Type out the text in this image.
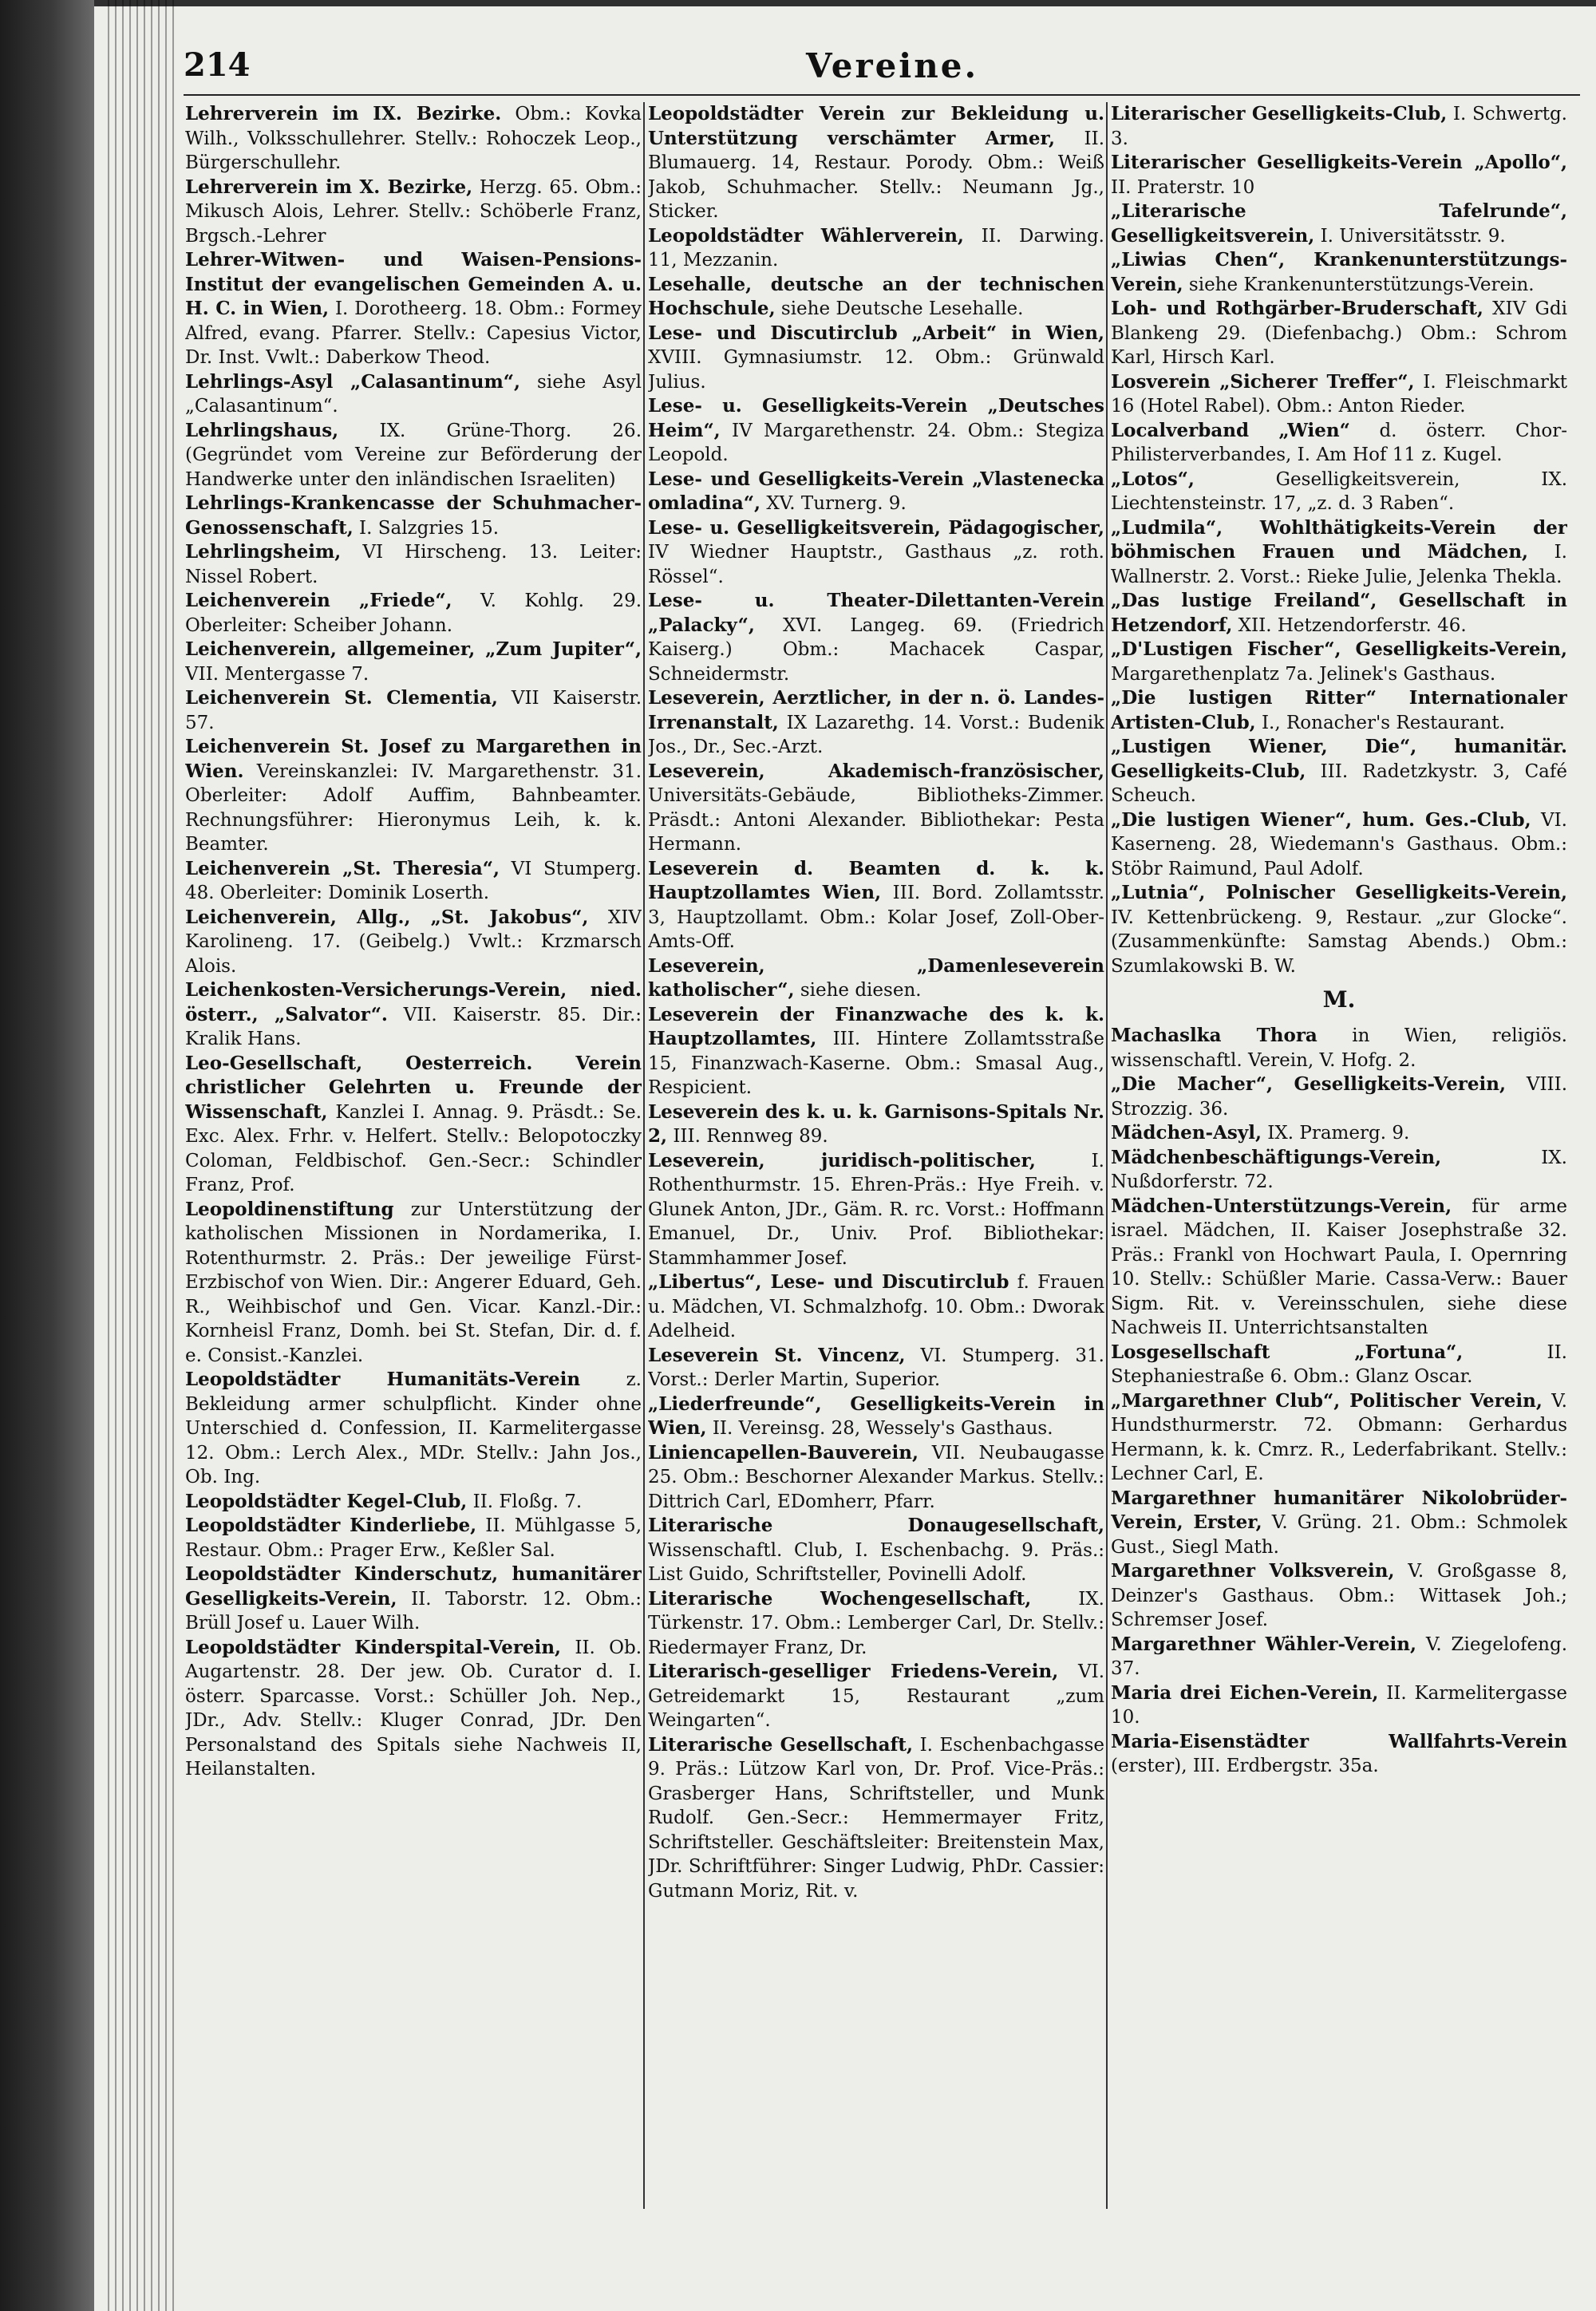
214	Vereine.

Lehrerverein im IX. Bezirke. Obm.: Kovka Wilh., Volksschullehrer. Stellv.: Rohoczek Leop., Bürgerschullehr.

Lehrerverein im X. Bezirke, Herzg. 65. Obm.: Mikusch Alois, Lehrer. Stellv.: Schöberle Franz, Brgsch.-Lehrer

Lehrer-Witwen- und Waisen-Pensions-Institut der evangelischen Gemeinden A. u. H. C. in Wien, I. Dorotheerg. 18. Obm.: Formey Alfred, evang. Pfarrer. Stellv.: Capesius Victor, Dr. Inst. Vwlt.: Daberkow Theod.

Lehrlings-Asyl „Calasantinum“, siehe Asyl „Calasantinum“.

Lehrlingshaus, IX. Grüne-Thorg. 26. (Gegründet vom Vereine zur Beförderung der Handwerke unter den inländischen Israeliten)

Lehrlings-Krankencasse der Schuhmacher-Genossenschaft, I. Salzgries 15.

Lehrlingsheim, VI Hirscheng. 13. Leiter: Nissel Robert.

Leichenverein „Friede“, V. Kohlg. 29. Oberleiter: Scheiber Johann.

Leichenverein, allgemeiner, „Zum Jupiter“, VII. Mentergasse 7.

Leichenverein St. Clementia, VII Kaiserstr. 57.

Leichenverein St. Josef zu Margarethen in Wien. Vereinskanzlei: IV. Margarethenstr. 31. Oberleiter: Adolf Auffim, Bahnbeamter. Rechnungsführer: Hieronymus Leih, k. k. Beamter.

Leichenverein „St. Theresia“, VI Stumperg. 48. Oberleiter: Dominik Loserth.

Leichenverein, Allg., „St. Jakobus“, XIV Karolineng. 17. (Geibelg.) Vwlt.: Krzmarsch Alois.

Leichenkosten-Versicherungs-Verein, nied. österr., „Salvator“. VII. Kaiserstr. 85. Dir.: Kralik Hans.

Leo-Gesellschaft, Oesterreich. Verein christlicher Gelehrten u. Freunde der Wissenschaft, Kanzlei I. Annag. 9. Präsdt.: Se. Exc. Alex. Frhr. v. Helfert. Stellv.: Belopotoczky Coloman, Feldbischof. Gen.-Secr.: Schindler Franz, Prof.

Leopoldinenstiftung zur Unterstützung der katholischen Missionen in Nordamerika, I. Rotenthurmstr. 2. Präs.: Der jeweilige Fürst-Erzbischof von Wien. Dir.: Angerer Eduard, Geh. R., Weihbischof und Gen. Vicar. Kanzl.-Dir.: Kornheisl Franz, Domh. bei St. Stefan, Dir. d. f. e. Consist.-Kanzlei.

Leopoldstädter Humanitäts-Verein z. Bekleidung armer schulpflicht. Kinder ohne Unterschied d. Confession, II. Karmelitergasse 12. Obm.: Lerch Alex., MDr. Stellv.: Jahn Jos., Ob. Ing.

Leopoldstädter Kegel-Club, II. Floßg. 7.

Leopoldstädter Kinderliebe, II. Mühlgasse 5, Restaur. Obm.: Prager Erw., Keßler Sal.

Leopoldstädter Kinderschutz, humanitärer Geselligkeits-Verein, II. Taborstr. 12. Obm.: Brüll Josef u. Lauer Wilh.

Leopoldstädter Kinderspital-Verein, II. Ob. Augartenstr. 28. Der jew. Ob. Curator d. I. österr. Sparcasse. Vorst.: Schüller Joh. Nep., JDr., Adv. Stellv.: Kluger Conrad, JDr. Den Personalstand des Spitals siehe Nachweis II, Heilanstalten.

Leopoldstädter Verein zur Bekleidung u. Unterstützung verschämter Armer, II. Blumauerg. 14, Restaur. Porody. Obm.: Weiß Jakob, Schuhmacher. Stellv.: Neumann Jg., Sticker.

Leopoldstädter Wählerverein, II. Darwing. 11, Mezzanin.

Lesehalle, deutsche an der technischen Hochschule, siehe Deutsche Lesehalle.

Lese- und Discutirclub „Arbeit“ in Wien, XVIII. Gymnasiumstr. 12. Obm.: Grünwald Julius.

Lese- u. Geselligkeits-Verein „Deutsches Heim“, IV Margarethenstr. 24. Obm.: Stegiza Leopold.

Lese- und Geselligkeits-Verein „Vlastenecka omladina“, XV. Turnerg. 9.

Lese- u. Geselligkeitsverein, Pädagogischer, IV Wiedner Hauptstr., Gasthaus „z. roth. Rössel“.

Lese- u. Theater-Dilettanten-Verein „Palacky“, XVI. Langeg. 69. (Friedrich Kaiserg.) Obm.: Machacek Caspar, Schneidermstr.

Leseverein, Aerztlicher, in der n. ö. Landes-Irrenanstalt, IX Lazarethg. 14. Vorst.: Budenik Jos., Dr., Sec.-Arzt.

Leseverein, Akademisch-französischer, Universitäts-Gebäude, Bibliotheks-Zimmer. Präsdt.: Antoni Alexander. Bibliothekar: Pesta Hermann.

Leseverein d. Beamten d. k. k. Hauptzollamtes Wien, III. Bord. Zollamtsstr. 3, Hauptzollamt. Obm.: Kolar Josef, Zoll-Ober-Amts-Off.

Leseverein, „Damenleseverein katholischer“, siehe diesen.

Leseverein der Finanzwache des k. k. Hauptzollamtes, III. Hintere Zollamtsstraße 15, Finanzwach-Kaserne. Obm.: Smasal Aug., Respicient.

Leseverein des k. u. k. Garnisons-Spitals Nr. 2, III. Rennweg 89.

Leseverein, juridisch-politischer,	I. Rothenthurmstr. 15. Ehren-Präs.: Hye Freih. v. Glunek Anton, JDr., Gäm. R. rc. Vorst.: Hoffmann Emanuel, Dr., Univ. Prof. Bibliothekar: Stammhammer Josef.

„Libertus“, Lese- und Discutirclub f. Frauen u. Mädchen, VI. Schmalzhofg. 10. Obm.: Dworak Adelheid.

Leseverein St. Vincenz, VI. Stumperg. 31. Vorst.: Derler Martin, Superior.

„Liederfreunde“, Geselligkeits-Verein in Wien, II. Vereinsg. 28, Wessely's Gasthaus.

Liniencapellen-Bauverein, VII. Neubaugasse 25. Obm.: Beschorner Alexander Markus. Stellv.: Dittrich Carl, EDomherr, Pfarr.

Literarische Donaugesellschaft, Wissenschaftl. Club, I. Eschenbachg. 9. Präs.: List Guido, Schriftsteller, Povinelli Adolf.

Literarische Wochengesellschaft,	IX. Türkenstr. 17. Obm.: Lemberger Carl, Dr. Stellv.: Riedermayer Franz, Dr.

Literarisch-geselliger Friedens-Verein, VI. Getreidemarkt 15, Restaurant „zum Weingarten“.

Literarische Gesellschaft, I. Eschenbachgasse 9. Präs.: Lützow Karl von, Dr. Prof. Vice-Präs.: Grasberger Hans, Schriftsteller, und Munk Rudolf. Gen.-Secr.: Hemmermayer Fritz, Schriftsteller. Geschäftsleiter: Breitenstein Max, JDr. Schriftführer: Singer Ludwig, PhDr. Cassier: Gutmann Moriz, Rit. v.

Literarischer Geselligkeits-Club, I. Schwertg. 3.

Literarischer Geselligkeits-Verein „Apollo“, II. Praterstr. 10

„Literarische Tafelrunde“, Geselligkeitsverein, I. Universitätsstr. 9.

„Liwias Chen“, Krankenunterstützungs-Verein, siehe Krankenunterstützungs-Verein.

Loh- und Rothgärber-Bruderschaft, XIV Gdi Blankeng 29. (Diefenbachg.) Obm.: Schrom Karl, Hirsch Karl.

Losverein „Sicherer Treffer“, I. Fleischmarkt 16 (Hotel Rabel). Obm.: Anton Rieder.

Localverband „Wien“ d. österr. Chor-Philisterverbandes, I. Am Hof 11 z. Kugel.

„Lotos“,	Geselligkeitsverein, IX. Liechtensteinstr. 17, „z. d. 3 Raben“.

„Ludmila“, Wohlthätigkeits-Verein der böhmischen Frauen und Mädchen, I. Wallnerstr. 2. Vorst.: Rieke Julie, Jelenka Thekla.

„Das lustige Freiland“, Gesellschaft in Hetzendorf, XII. Hetzendorferstr. 46.

„D'Lustigen Fischer“, Geselligkeits-Verein, Margarethenplatz 7a. Jelinek's Gasthaus.

„Die lustigen Ritter“ Internationaler Artisten-Club, I., Ronacher's Restaurant.

„Lustigen Wiener, Die“, humanitär. Geselligkeits-Club, III. Radetzkystr. 3, Café Scheuch.

„Die lustigen Wiener“, hum. Ges.-Club, VI. Kaserneng. 28, Wiedemann's Gasthaus. Obm.: Stöbr Raimund, Paul Adolf.

„Lutnia“, Polnischer Geselligkeits-Verein, IV. Kettenbrückeng. 9, Restaur. „zur Glocke“. (Zusammenkünfte: Samstag Abends.) Obm.: Szumlakowski B. W.

M.

Machaslka Thora in Wien, religiös. wissenschaftl. Verein, V. Hofg. 2.

„Die Macher“, Geselligkeits-Verein, VIII. Strozzig. 36.

Mädchen-Asyl, IX. Pramerg. 9.

Mädchenbeschäftigungs-Verein,	IX. Nußdorferstr. 72.

Mädchen-Unterstützungs-Verein, für arme israel. Mädchen, II. Kaiser Josephstraße 32. Präs.: Frankl von Hochwart Paula, I. Opernring 10. Stellv.: Schüßler Marie. Cassa-Verw.: Bauer Sigm. Rit. v. Vereinsschulen, siehe diese Nachweis II. Unterrichtsanstalten

Losgesellschaft „Fortuna“,	II. Stephaniestraße 6. Obm.: Glanz Oscar.

„Margarethner Club“, Politischer Verein, V. Hundsthurmerstr. 72. Obmann: Gerhardus Hermann, k. k. Cmrz. R., Lederfabrikant. Stellv.: Lechner Carl, E.

Margarethner humanitärer Nikolobrüder-Verein, Erster, V. Grüng. 21. Obm.: Schmolek Gust., Siegl Math.

Margarethner Volksverein, V. Großgasse 8, Deinzer's Gasthaus. Obm.: Wittasek Joh.; Schremser Josef.

Margarethner Wähler-Verein, V. Ziegelofeng. 37.

Maria drei Eichen-Verein, II. Karmelitergasse 10.

Maria-Eisenstädter Wallfahrts-Verein (erster), III. Erdbergstr. 35a.
